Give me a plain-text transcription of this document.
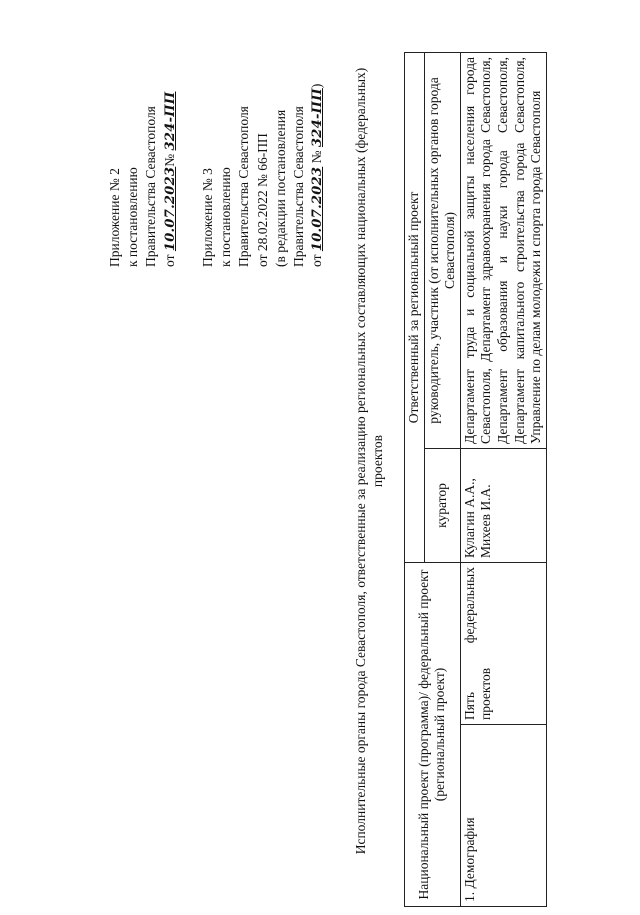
Приложение № 2 к постановлению Правительства Севастополя от 10.07.2023№ 324-ПП
Приложение № 3 к постановлению Правительства Севастополя от 28.02.2022 № 66-ПП (в редакции постановления Правительства Севастополя от 10.07.2023 № 324-ПП) Исполнительные органы города Севастополя, ответственные за реализацию региональных составляющих национальных (федеральных) проектов
Национальный проект (программа)/ федеральный проект (региональный проект)		Ответственный за региональный проект	
		куратор	руководитель, участник (от исполнительных органов города Севастополя)
1. Демография	Пять федеральных проектов	Кулагин А.А., Михеев И.А.	Департамент труда и социальной защиты населения города Севастополя, Департамент здравоохранения города Севастополя, Департамент образования и науки города Севастополя, Департамент капитального строительства города Севастополя, Управление по делам молодежи и спорта города Севастополя
